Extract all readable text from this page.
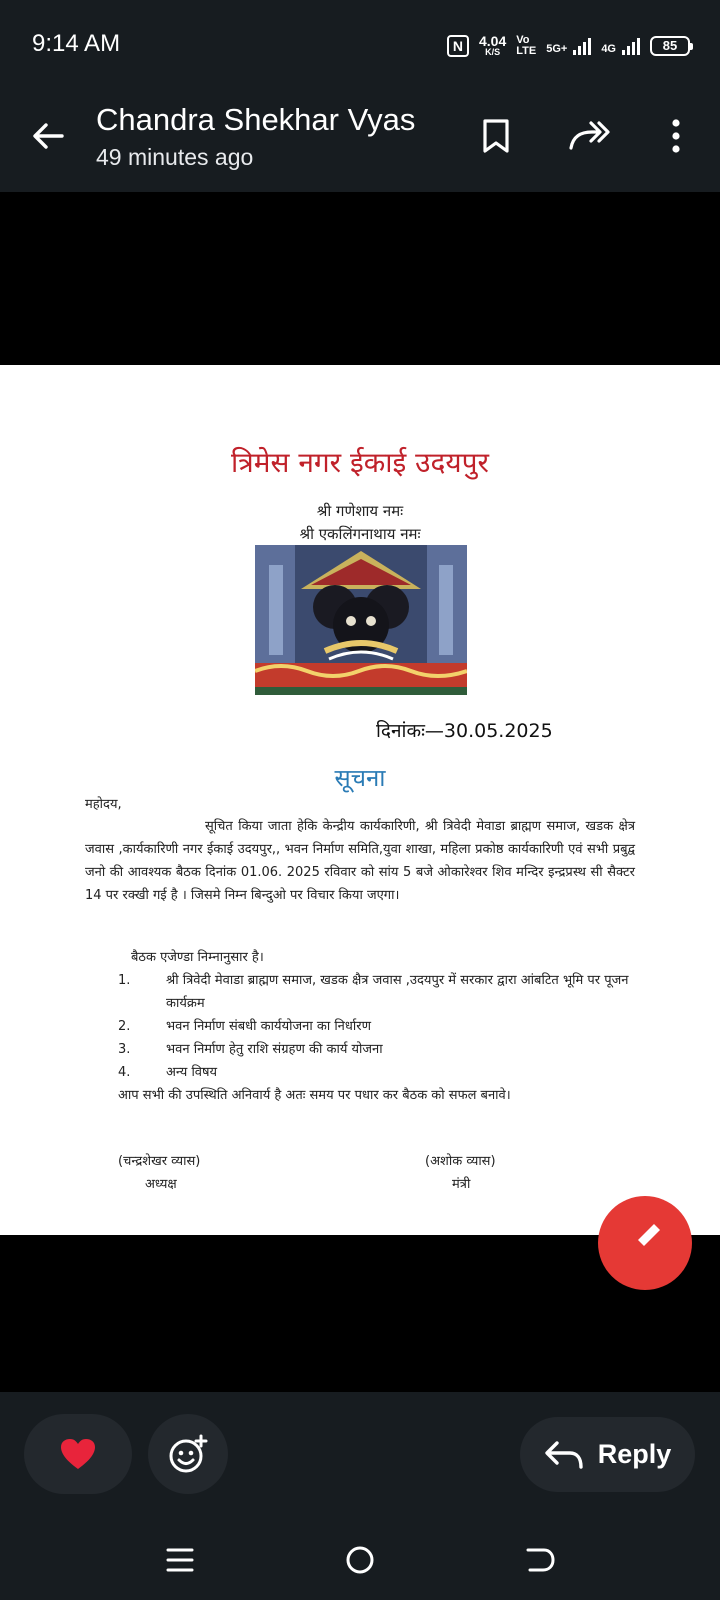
9:14 AM	N	4.04
K/S
Vo
LTE 5G+	4G	85
Chandra Shekhar Vyas
49 minutes ago
त्रिमेस नगर ईकाई उदयपुर
श्री गणेशाय नमः
श्री एकलिंगनाथाय नमः
दिनांकः—30.05.2025
सूचना
महोदय,
सूचित किया जाता हेकि केन्द्रीय कार्यकारिणी, श्री त्रिवेदी मेवाडा ब्राह्मण समाज, खडक क्षेत्र जवास ,कार्यकारिणी नगर ईकाई उदयपुर,, भवन निर्माण समिति,युवा शाखा, महिला प्रकोष्ठ कार्यकारिणी एवं सभी प्रबुद्व जनो की आवश्यक बैठक दिनांक 01.06. 2025 रविवार को सांय 5 बजे ओकारेश्वर शिव मन्दिर इन्द्रप्रस्थ सी सैक्टर 14 पर रक्खी गई है । जिसमे निम्न बिन्दुओ पर विचार किया जएगा।
बैठक एजेण्डा निम्नानुसार है।
1.	श्री त्रिवेदी मेवाडा ब्राह्मण समाज, खडक क्षैत्र जवास ,उदयपुर में सरकार द्वारा आंबटित भूमि पर पूजन कार्यक्रम
2.	भवन निर्माण संबधी कार्ययोजना का निर्धारण
3.	भवन निर्माण हेतु राशि संग्रहण की कार्य योजना
4.	अन्य विषय
आप सभी की उपस्थिति अनिवार्य है अतः समय पर पधार कर बैठक को सफल बनावे।
(चन्द्रशेखर व्यास)
अध्यक्ष
(अशोक व्यास)
मंत्री
Reply
